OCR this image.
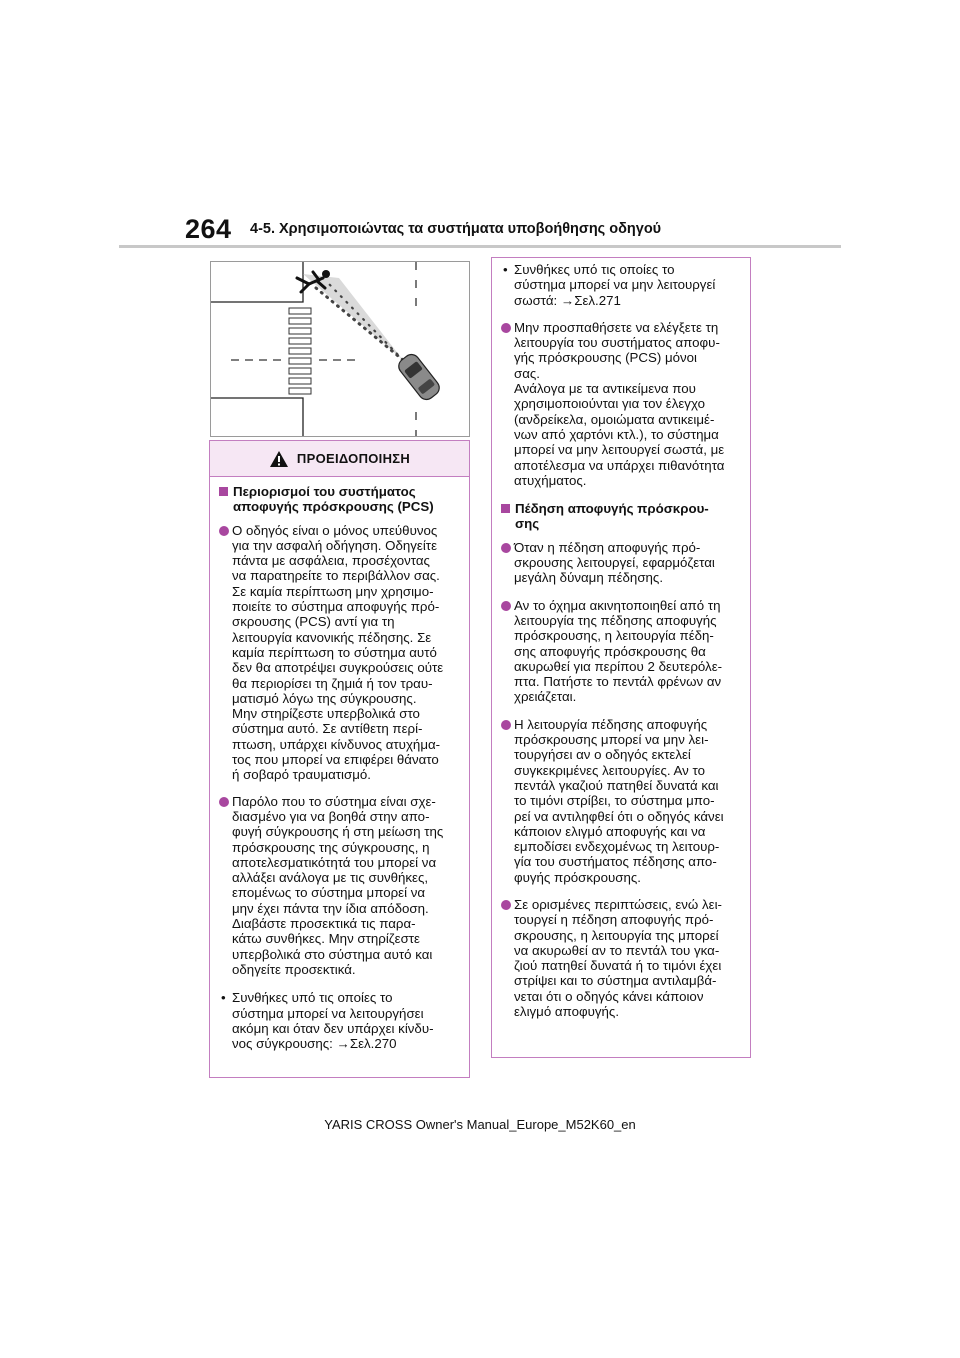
264 4-5. Χρησιμοποιώντας τα συστήματα υποβοήθησης οδηγού
ΠΡΟΕΙΔΟΠΟΙΗΣΗ
Περιορισμοί του συστήματος
αποφυγής πρόσκρουσης (PCS)
Ο οδηγός είναι ο μόνος υπεύθυνος
για την ασφαλή οδήγηση. Οδηγείτε
πάντα με ασφάλεια, προσέχοντας
να παρατηρείτε το περιβάλλον σας.
Σε καμία περίπτωση μην χρησιμο-
ποιείτε το σύστημα αποφυγής πρό-
σκρουσης (PCS) αντί για τη
λειτουργία κανονικής πέδησης. Σε
καμία περίπτωση το σύστημα αυτό
δεν θα αποτρέψει συγκρούσεις ούτε
θα περιορίσει τη ζημιά ή τον τραυ-
ματισμό λόγω της σύγκρουσης.
Μην στηρίζεστε υπερβολικά στο
σύστημα αυτό. Σε αντίθετη περί-
πτωση, υπάρχει κίνδυνος ατυχήμα-
τος που μπορεί να επιφέρει θάνατο
ή σοβαρό τραυματισμό.
Παρόλο που το σύστημα είναι σχε-
διασμένο για να βοηθά στην απο-
φυγή σύγκρουσης ή στη μείωση της
πρόσκρουσης της σύγκρουσης, η
αποτελεσματικότητά του μπορεί να
αλλάξει ανάλογα με τις συνθήκες,
επομένως το σύστημα μπορεί να
μην έχει πάντα την ίδια απόδοση.
Διαβάστε προσεκτικά τις παρα-
κάτω συνθήκες. Μην στηρίζεστε
υπερβολικά στο σύστημα αυτό και
οδηγείτε προσεκτικά.
• Συνθήκες υπό τις οποίες το
σύστημα μπορεί να λειτουργήσει
ακόμη και όταν δεν υπάρχει κίνδυ-
νος σύγκρουσης: →Σελ.270
• Συνθήκες υπό τις οποίες το
σύστημα μπορεί να μην λειτουργεί
σωστά: →Σελ.271
Μην προσπαθήσετε να ελέγξετε τη
λειτουργία του συστήματος αποφυ-
γής πρόσκρουσης (PCS) μόνοι
σας.
Ανάλογα με τα αντικείμενα που
χρησιμοποιούνται για τον έλεγχο
(ανδρείκελα, ομοιώματα αντικειμέ-
νων από χαρτόνι κτλ.), το σύστημα
μπορεί να μην λειτουργεί σωστά, με
αποτέλεσμα να υπάρχει πιθανότητα
ατυχήματος.
Πέδηση αποφυγής πρόσκρου-
σης
Όταν η πέδηση αποφυγής πρό-
σκρουσης λειτουργεί, εφαρμόζεται
μεγάλη δύναμη πέδησης.
Αν το όχημα ακινητοποιηθεί από τη
λειτουργία της πέδησης αποφυγής
πρόσκρουσης, η λειτουργία πέδη-
σης αποφυγής πρόσκρουσης θα
ακυρωθεί για περίπου 2 δευτερόλε-
πτα. Πατήστε το πεντάλ φρένων αν
χρειάζεται.
Η λειτουργία πέδησης αποφυγής
πρόσκρουσης μπορεί να μην λει-
τουργήσει αν ο οδηγός εκτελεί
συγκεκριμένες λειτουργίες. Αν το
πεντάλ γκαζιού πατηθεί δυνατά και
το τιμόνι στρίβει, το σύστημα μπο-
ρεί να αντιληφθεί ότι ο οδηγός κάνει
κάποιον ελιγμό αποφυγής και να
εμποδίσει ενδεχομένως τη λειτουρ-
γία του συστήματος πέδησης απο-
φυγής πρόσκρουσης.
Σε ορισμένες περιπτώσεις, ενώ λει-
τουργεί η πέδηση αποφυγής πρό-
σκρουσης, η λειτουργία της μπορεί
να ακυρωθεί αν το πεντάλ του γκα-
ζιού πατηθεί δυνατά ή το τιμόνι έχει
στρίψει και το σύστημα αντιλαμβά-
νεται ότι ο οδηγός κάνει κάποιον
ελιγμό αποφυγής.
YARIS CROSS Owner's Manual_Europe_M52K60_en
